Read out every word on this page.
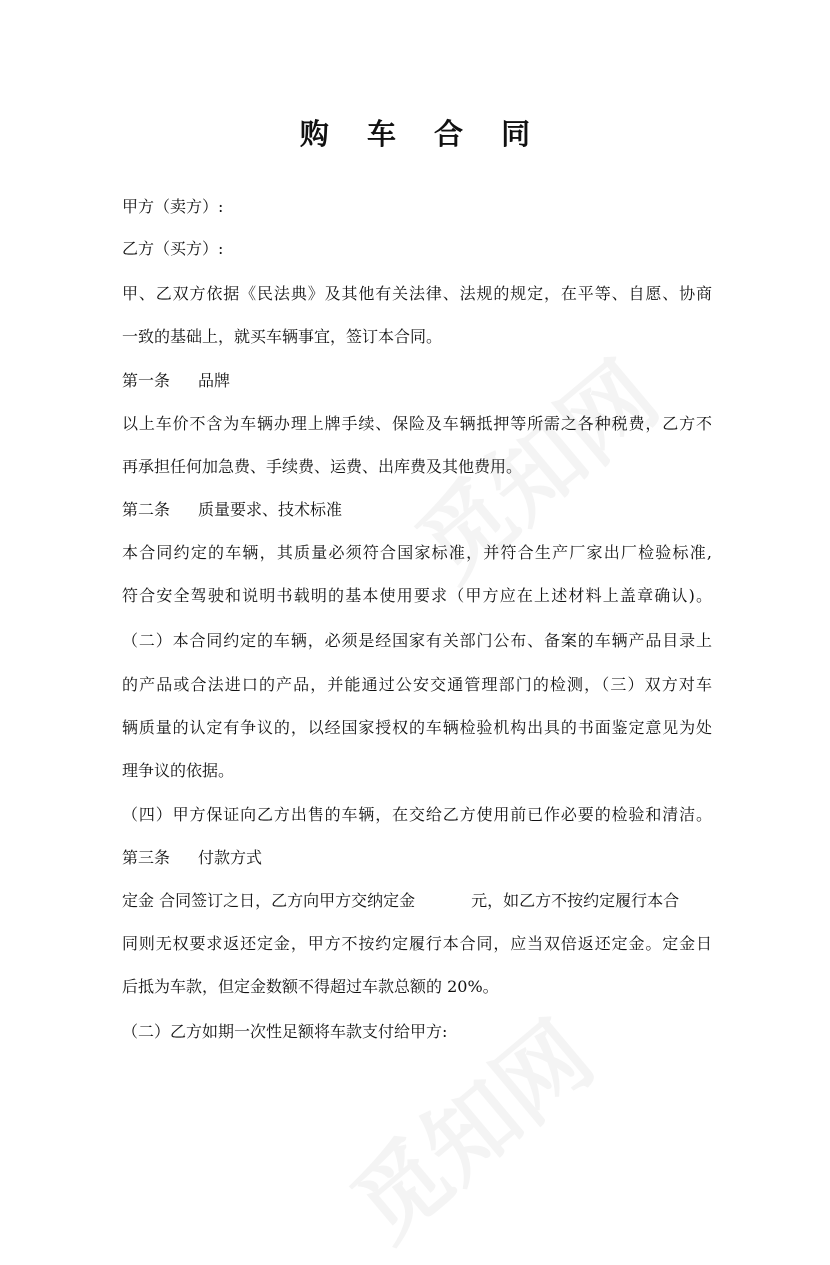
购 车 合 同
甲方（卖方）:
乙方（买方）:
甲、乙双方依据《民法典》及其他有关法律、法规的规定，在平等、自愿、协商
一致的基础上，就买车辆事宜，签订本合同。
第一条 品牌
以上车价不含为车辆办理上牌手续、保险及车辆抵押等所需之各种税费，乙方不
再承担任何加急费、手续费、运费、出库费及其他费用。
第二条 质量要求、技术标准
本合同约定的车辆，其质量必须符合国家标准，并符合生产厂家出厂检验标准,
符合安全驾驶和说明书载明的基本使用要求（甲方应在上述材料上盖章确认)。
（二）本合同约定的车辆，必须是经国家有关部门公布、备案的车辆产品目录上
的产品或合法进口的产品，并能通过公安交通管理部门的检测，（三）双方对车
辆质量的认定有争议的，以经国家授权的车辆检验机构出具的书面鉴定意见为处
理争议的依据。
（四）甲方保证向乙方出售的车辆，在交给乙方使用前已作必要的检验和清洁。
第三条 付款方式
定金 合同签订之日，乙方向甲方交纳定金	元，如乙方不按约定履行本合
同则无权要求返还定金，甲方不按约定履行本合同，应当双倍返还定金。定金日
后抵为车款，但定金数额不得超过车款总额的 20%。
（二）乙方如期一次性足额将车款支付给甲方:
